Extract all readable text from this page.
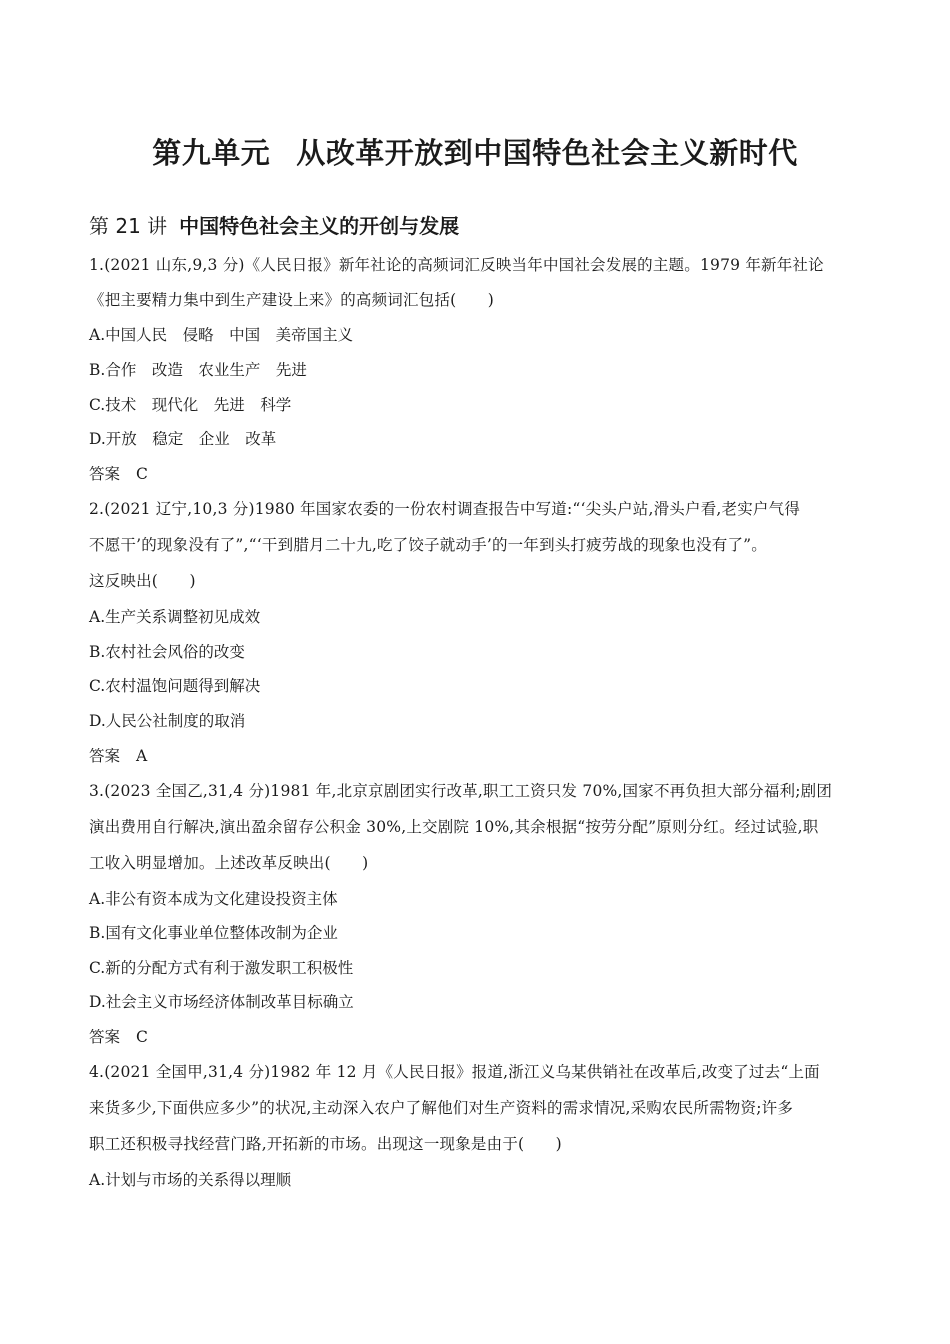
第九单元 从改革开放到中国特色社会主义新时代
第 21 讲 中国特色社会主义的开创与发展
1.(2021 山东,9,3 分)《人民日报》新年社论的高频词汇反映当年中国社会发展的主题。1979 年新年社论
《把主要精力集中到生产建设上来》的高频词汇包括(　　)
A.中国人民　侵略　中国　美帝国主义
B.合作　改造　农业生产　先进
C.技术　现代化　先进　科学
D.开放　稳定　企业　改革
答案 C
2.(2021 辽宁,10,3 分)1980 年国家农委的一份农村调查报告中写道:“‘尖头户站,滑头户看,老实户气得
不愿干’的现象没有了”,“‘干到腊月二十九,吃了饺子就动手’的一年到头打疲劳战的现象也没有了”。
这反映出(　　)
A.生产关系调整初见成效
B.农村社会风俗的改变
C.农村温饱问题得到解决
D.人民公社制度的取消
答案 A
3.(2023 全国乙,31,4 分)1981 年,北京京剧团实行改革,职工工资只发 70%,国家不再负担大部分福利;剧团
演出费用自行解决,演出盈余留存公积金 30%,上交剧院 10%,其余根据“按劳分配”原则分红。经过试验,职
工收入明显增加。上述改革反映出(　　)
A.非公有资本成为文化建设投资主体
B.国有文化事业单位整体改制为企业
C.新的分配方式有利于激发职工积极性
D.社会主义市场经济体制改革目标确立
答案 C
4.(2021 全国甲,31,4 分)1982 年 12 月《人民日报》报道,浙江义乌某供销社在改革后,改变了过去“上面
来货多少,下面供应多少”的状况,主动深入农户了解他们对生产资料的需求情况,采购农民所需物资;许多
职工还积极寻找经营门路,开拓新的市场。出现这一现象是由于(　　)
A.计划与市场的关系得以理顺
